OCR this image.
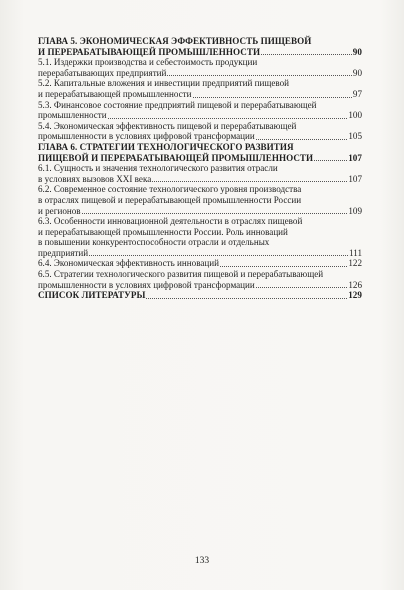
ГЛАВА 5. ЭКОНОМИЧЕСКАЯ ЭФФЕКТИВНОСТЬ ПИЩЕВОЙ
И ПЕРЕРАБАТЫВАЮЩЕЙ ПРОМЫШЛЕННОСТИ	90
5.1. Издержки производства и себестоимость продукции
перерабатывающих предприятий	90
5.2. Капитальные вложения и инвестиции предприятий пищевой
и перерабатывающей промышленности	97
5.3. Финансовое состояние предприятий пищевой и перерабатывающей
промышленности	100
5.4. Экономическая эффективность пищевой и перерабатывающей
промышленности в условиях цифровой трансформации	105
ГЛАВА 6. СТРАТЕГИИ ТЕХНОЛОГИЧЕСКОГО РАЗВИТИЯ
ПИЩЕВОЙ И ПЕРЕРАБАТЫВАЮЩЕЙ ПРОМЫШЛЕННОСТИ	107
6.1. Сущность и значения технологического развития отрасли
в условиях вызовов XXI века	107
6.2. Современное состояние технологического уровня производства
в отраслях пищевой и перерабатывающей промышленности России
и регионов	109
6.3. Особенности инновационной деятельности в отраслях пищевой
и перерабатывающей промышленности России. Роль инноваций
в повышении конкурентоспособности отрасли и отдельных
предприятий	111
6.4. Экономическая эффективность инноваций	122
6.5. Стратегии технологического развития пищевой и перерабатывающей
промышленности в условиях цифровой трансформации	126
СПИСОК ЛИТЕРАТУРЫ	129
133
